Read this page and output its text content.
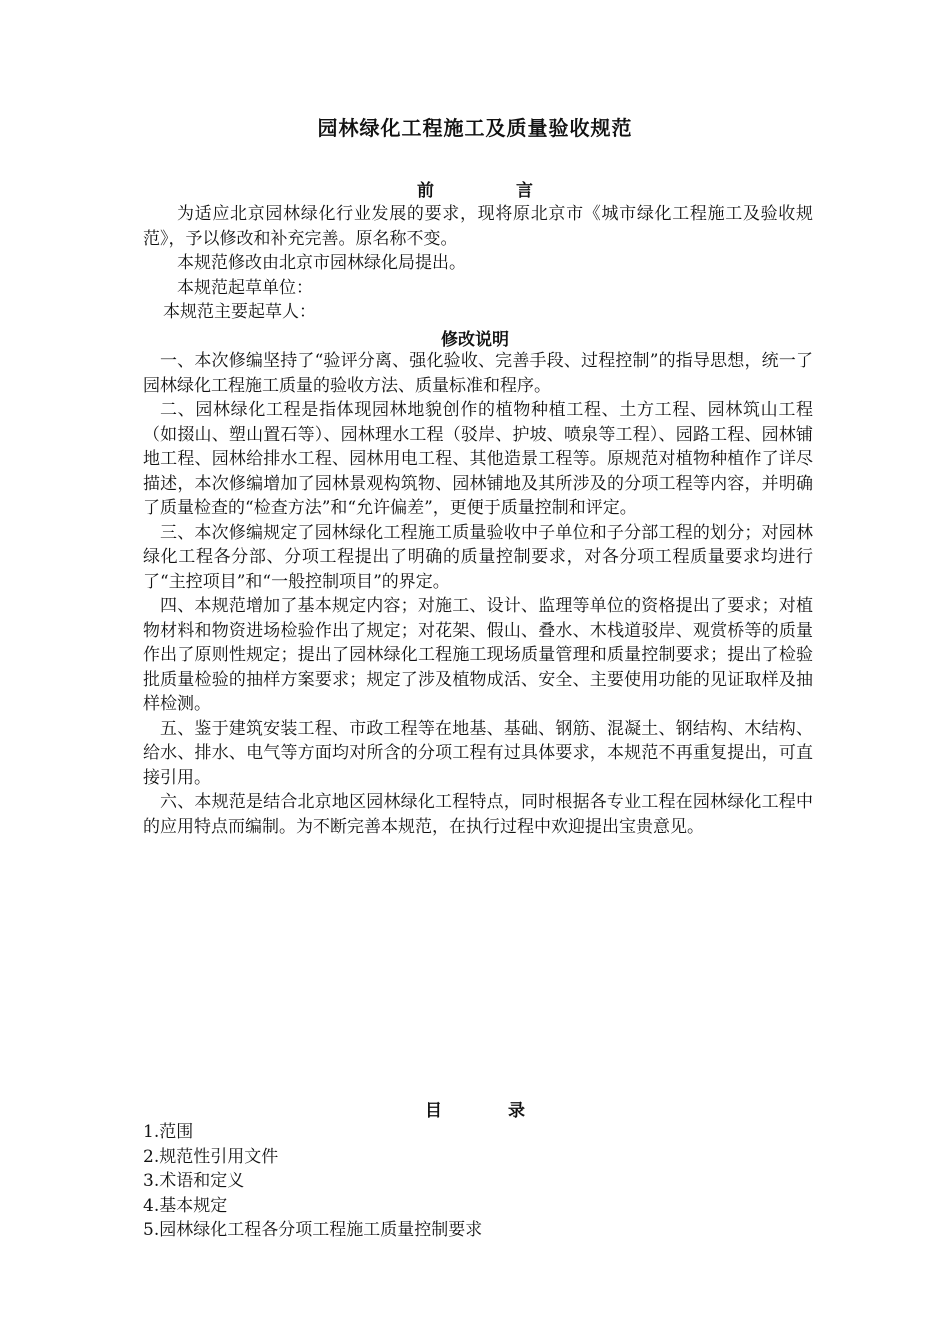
园林绿化工程施工及质量验收规范
前	言

为适应北京园林绿化行业发展的要求，现将原北京市《城市绿化工程施工及验收规范》，予以修改和补充完善。原名称不变。

本规范修改由北京市园林绿化局提出。

本规范起草单位：

本规范主要起草人：

修改说明

一、本次修编坚持了“验评分离、强化验收、完善手段、过程控制”的指导思想，统一了园林绿化工程施工质量的验收方法、质量标准和程序。

二、园林绿化工程是指体现园林地貌创作的植物种植工程、土方工程、园林筑山工程（如掇山、塑山置石等）、园林理水工程（驳岸、护坡、喷泉等工程）、园路工程、园林铺地工程、园林给排水工程、园林用电工程、其他造景工程等。原规范对植物种植作了详尽描述，本次修编增加了园林景观构筑物、园林铺地及其所涉及的分项工程等内容，并明确了质量检查的“检查方法”和“允许偏差”，更便于质量控制和评定。

三、本次修编规定了园林绿化工程施工质量验收中子单位和子分部工程的划分；对园林绿化工程各分部、分项工程提出了明确的质量控制要求，对各分项工程质量要求均进行了“主控项目”和“一般控制项目”的界定。

四、本规范增加了基本规定内容；对施工、设计、监理等单位的资格提出了要求；对植物材料和物资进场检验作出了规定；对花架、假山、叠水、木栈道驳岸、观赏桥等的质量作出了原则性规定；提出了园林绿化工程施工现场质量管理和质量控制要求；提出了检验批质量检验的抽样方案要求；规定了涉及植物成活、安全、主要使用功能的见证取样及抽样检测。

五、鉴于建筑安装工程、市政工程等在地基、基础、钢筋、混凝土、钢结构、木结构、给水、排水、电气等方面均对所含的分项工程有过具体要求，本规范不再重复提出，可直接引用。

六、本规范是结合北京地区园林绿化工程特点，同时根据各专业工程在园林绿化工程中的应用特点而编制。为不断完善本规范，在执行过程中欢迎提出宝贵意见。

目	录
1.范围
2.规范性引用文件
3.术语和定义
4.基本规定
5.园林绿化工程各分项工程施工质量控制要求
